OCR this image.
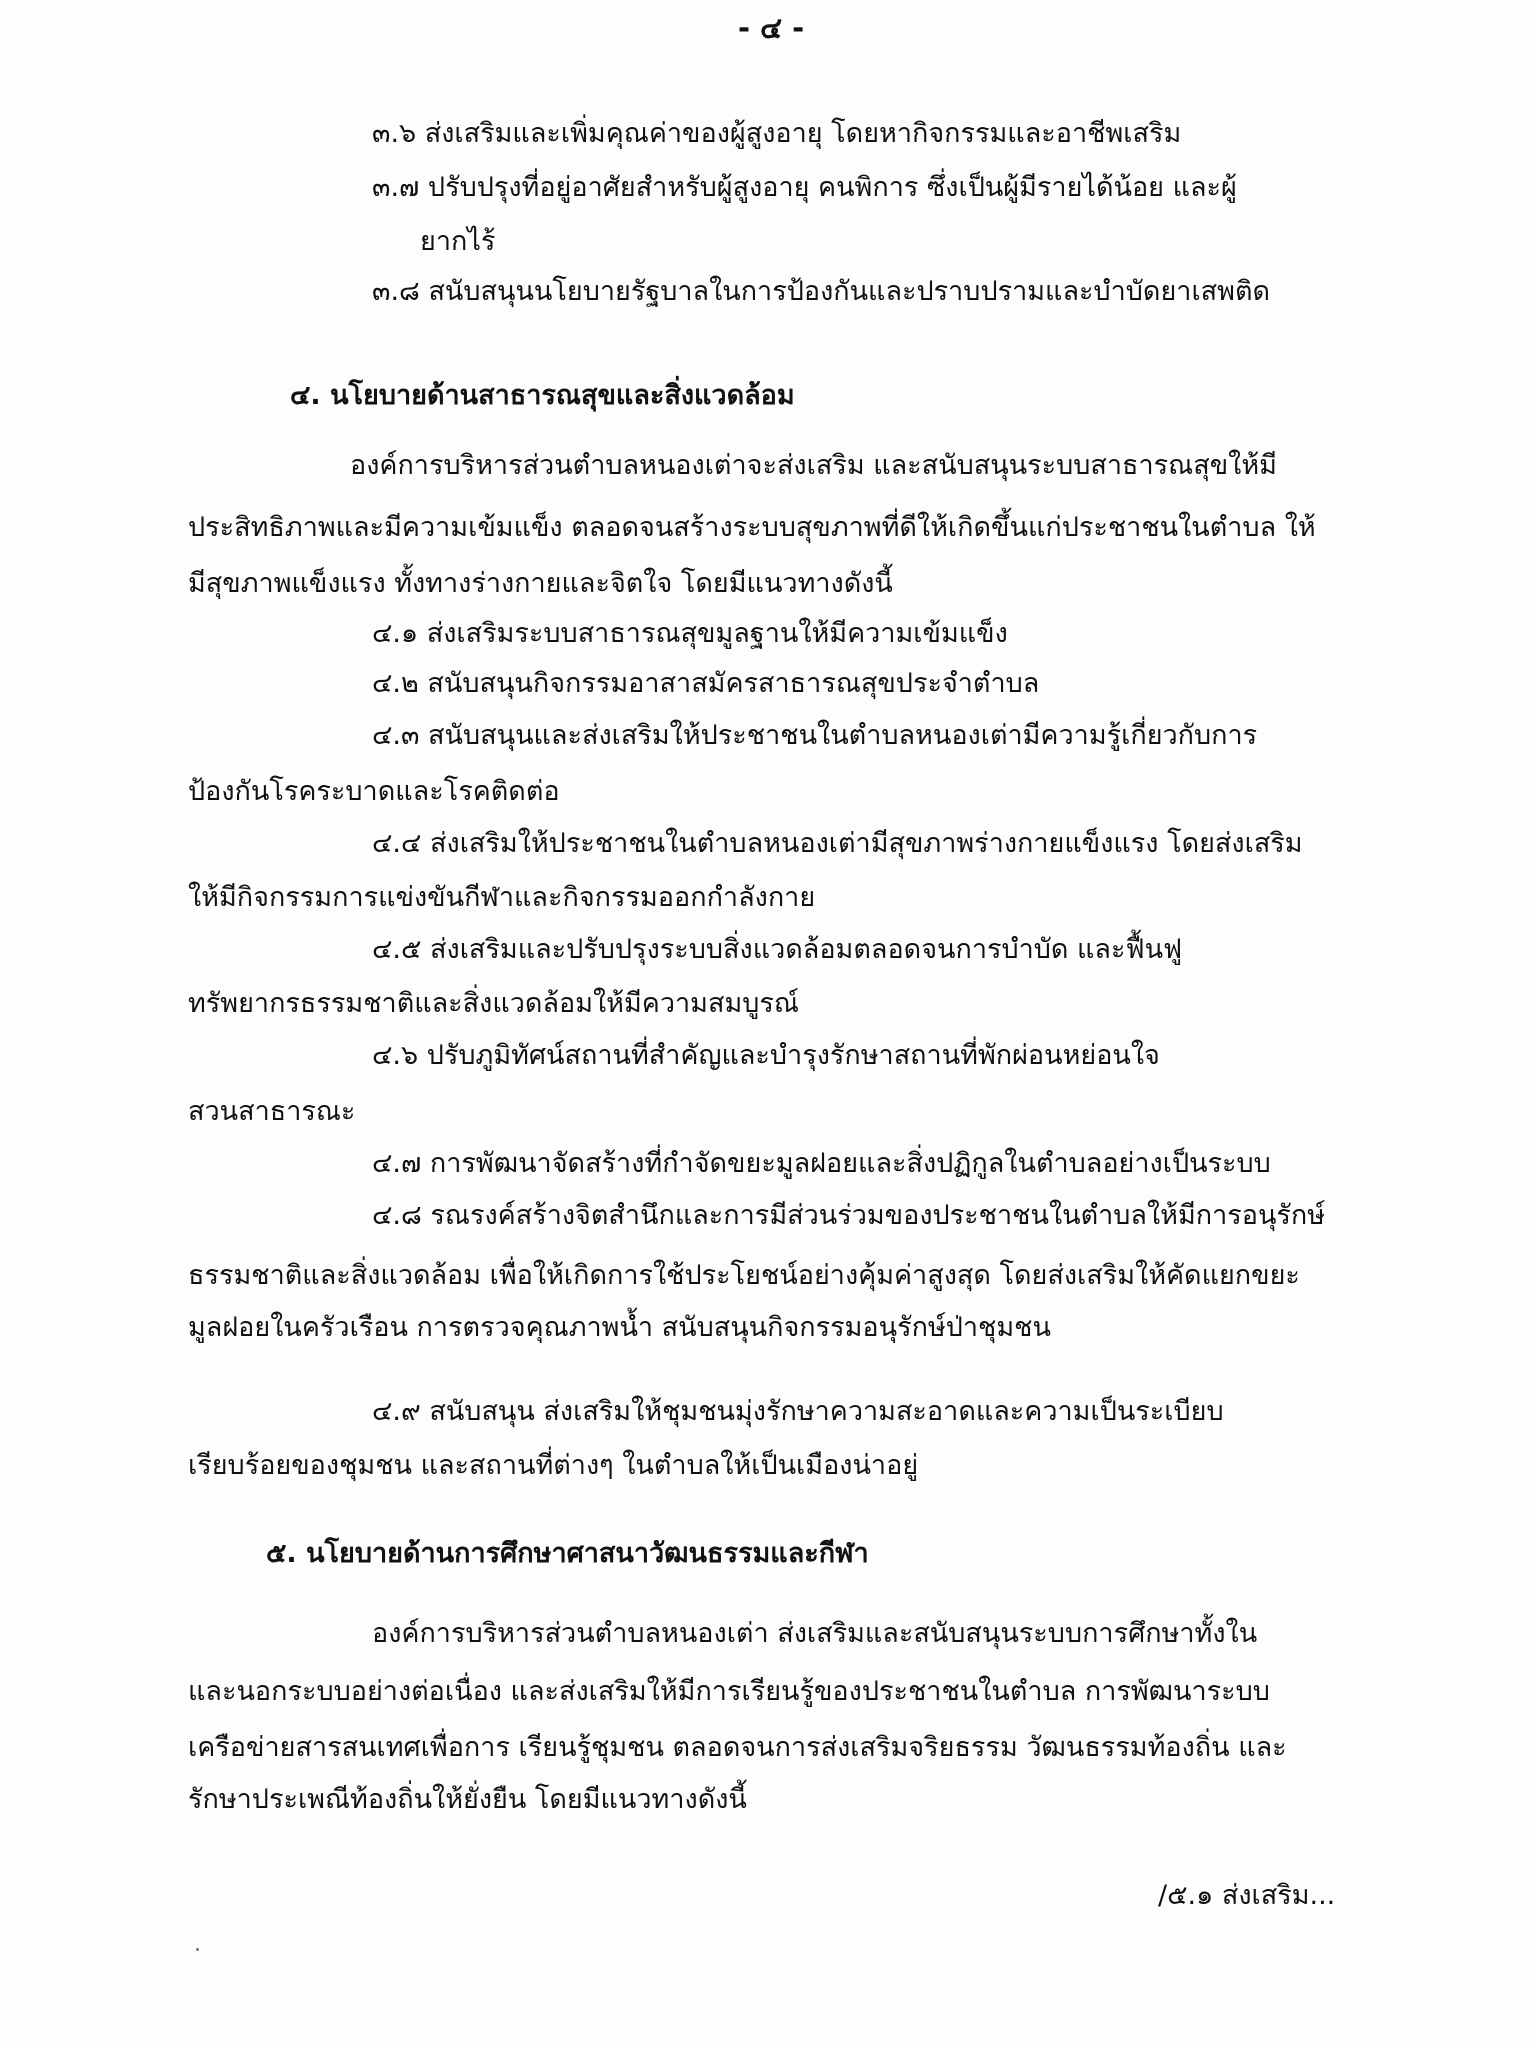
- ๔ -

๓.๖ ส่งเสริมและเพิ่มคุณค่าของผู้สูงอายุ โดยหากิจกรรมและอาชีพเสริม

๓.๗ ปรับปรุงที่อยู่อาศัยสำหรับผู้สูงอายุ คนพิการ ซึ่งเป็นผู้มีรายได้น้อย และผู้

ยากไร้

๓.๘ สนับสนุนนโยบายรัฐบาลในการป้องกันและปราบปรามและบำบัดยาเสพติด

๔. นโยบายด้านสาธารณสุขและสิ่งแวดล้อม

องค์การบริหารส่วนตำบลหนองเต่าจะส่งเสริม และสนับสนุนระบบสาธารณสุขให้มี

ประสิทธิภาพและมีความเข้มแข็ง ตลอดจนสร้างระบบสุขภาพที่ดีให้เกิดขึ้นแก่ประชาชนในตำบล ให้

มีสุขภาพแข็งแรง ทั้งทางร่างกายและจิตใจ โดยมีแนวทางดังนี้

๔.๑ ส่งเสริมระบบสาธารณสุขมูลฐานให้มีความเข้มแข็ง

๔.๒ สนับสนุนกิจกรรมอาสาสมัครสาธารณสุขประจำตำบล

๔.๓ สนับสนุนและส่งเสริมให้ประชาชนในตำบลหนองเต่ามีความรู้เกี่ยวกับการ

ป้องกันโรคระบาดและโรคติดต่อ

๔.๔ ส่งเสริมให้ประชาชนในตำบลหนองเต่ามีสุขภาพร่างกายแข็งแรง โดยส่งเสริม

ให้มีกิจกรรมการแข่งขันกีฬาและกิจกรรมออกกำลังกาย

๔.๕ ส่งเสริมและปรับปรุงระบบสิ่งแวดล้อมตลอดจนการบำบัด และฟื้นฟู

ทรัพยากรธรรมชาติและสิ่งแวดล้อมให้มีความสมบูรณ์

๔.๖ ปรับภูมิทัศน์สถานที่สำคัญและบำรุงรักษาสถานที่พักผ่อนหย่อนใจ

สวนสาธารณะ

๔.๗ การพัฒนาจัดสร้างที่กำจัดขยะมูลฝอยและสิ่งปฏิกูลในตำบลอย่างเป็นระบบ

๔.๘ รณรงค์สร้างจิตสำนึกและการมีส่วนร่วมของประชาชนในตำบลให้มีการอนุรักษ์

ธรรมชาติและสิ่งแวดล้อม เพื่อให้เกิดการใช้ประโยชน์อย่างคุ้มค่าสูงสุด โดยส่งเสริมให้คัดแยกขยะ

มูลฝอยในครัวเรือน การตรวจคุณภาพน้ำ สนับสนุนกิจกรรมอนุรักษ์ป่าชุมชน

๔.๙ สนับสนุน ส่งเสริมให้ชุมชนมุ่งรักษาความสะอาดและความเป็นระเบียบ

เรียบร้อยของชุมชน และสถานที่ต่างๆ ในตำบลให้เป็นเมืองน่าอยู่

๕. นโยบายด้านการศึกษาศาสนาวัฒนธรรมและกีฬา

องค์การบริหารส่วนตำบลหนองเต่า ส่งเสริมและสนับสนุนระบบการศึกษาทั้งใน

และนอกระบบอย่างต่อเนื่อง และส่งเสริมให้มีการเรียนรู้ของประชาชนในตำบล การพัฒนาระบบ

เครือข่ายสารสนเทศเพื่อการ เรียนรู้ชุมชน ตลอดจนการส่งเสริมจริยธรรม วัฒนธรรมท้องถิ่น และ

รักษาประเพณีท้องถิ่นให้ยั่งยืน โดยมีแนวทางดังนี้

/๕.๑ ส่งเสริม...
